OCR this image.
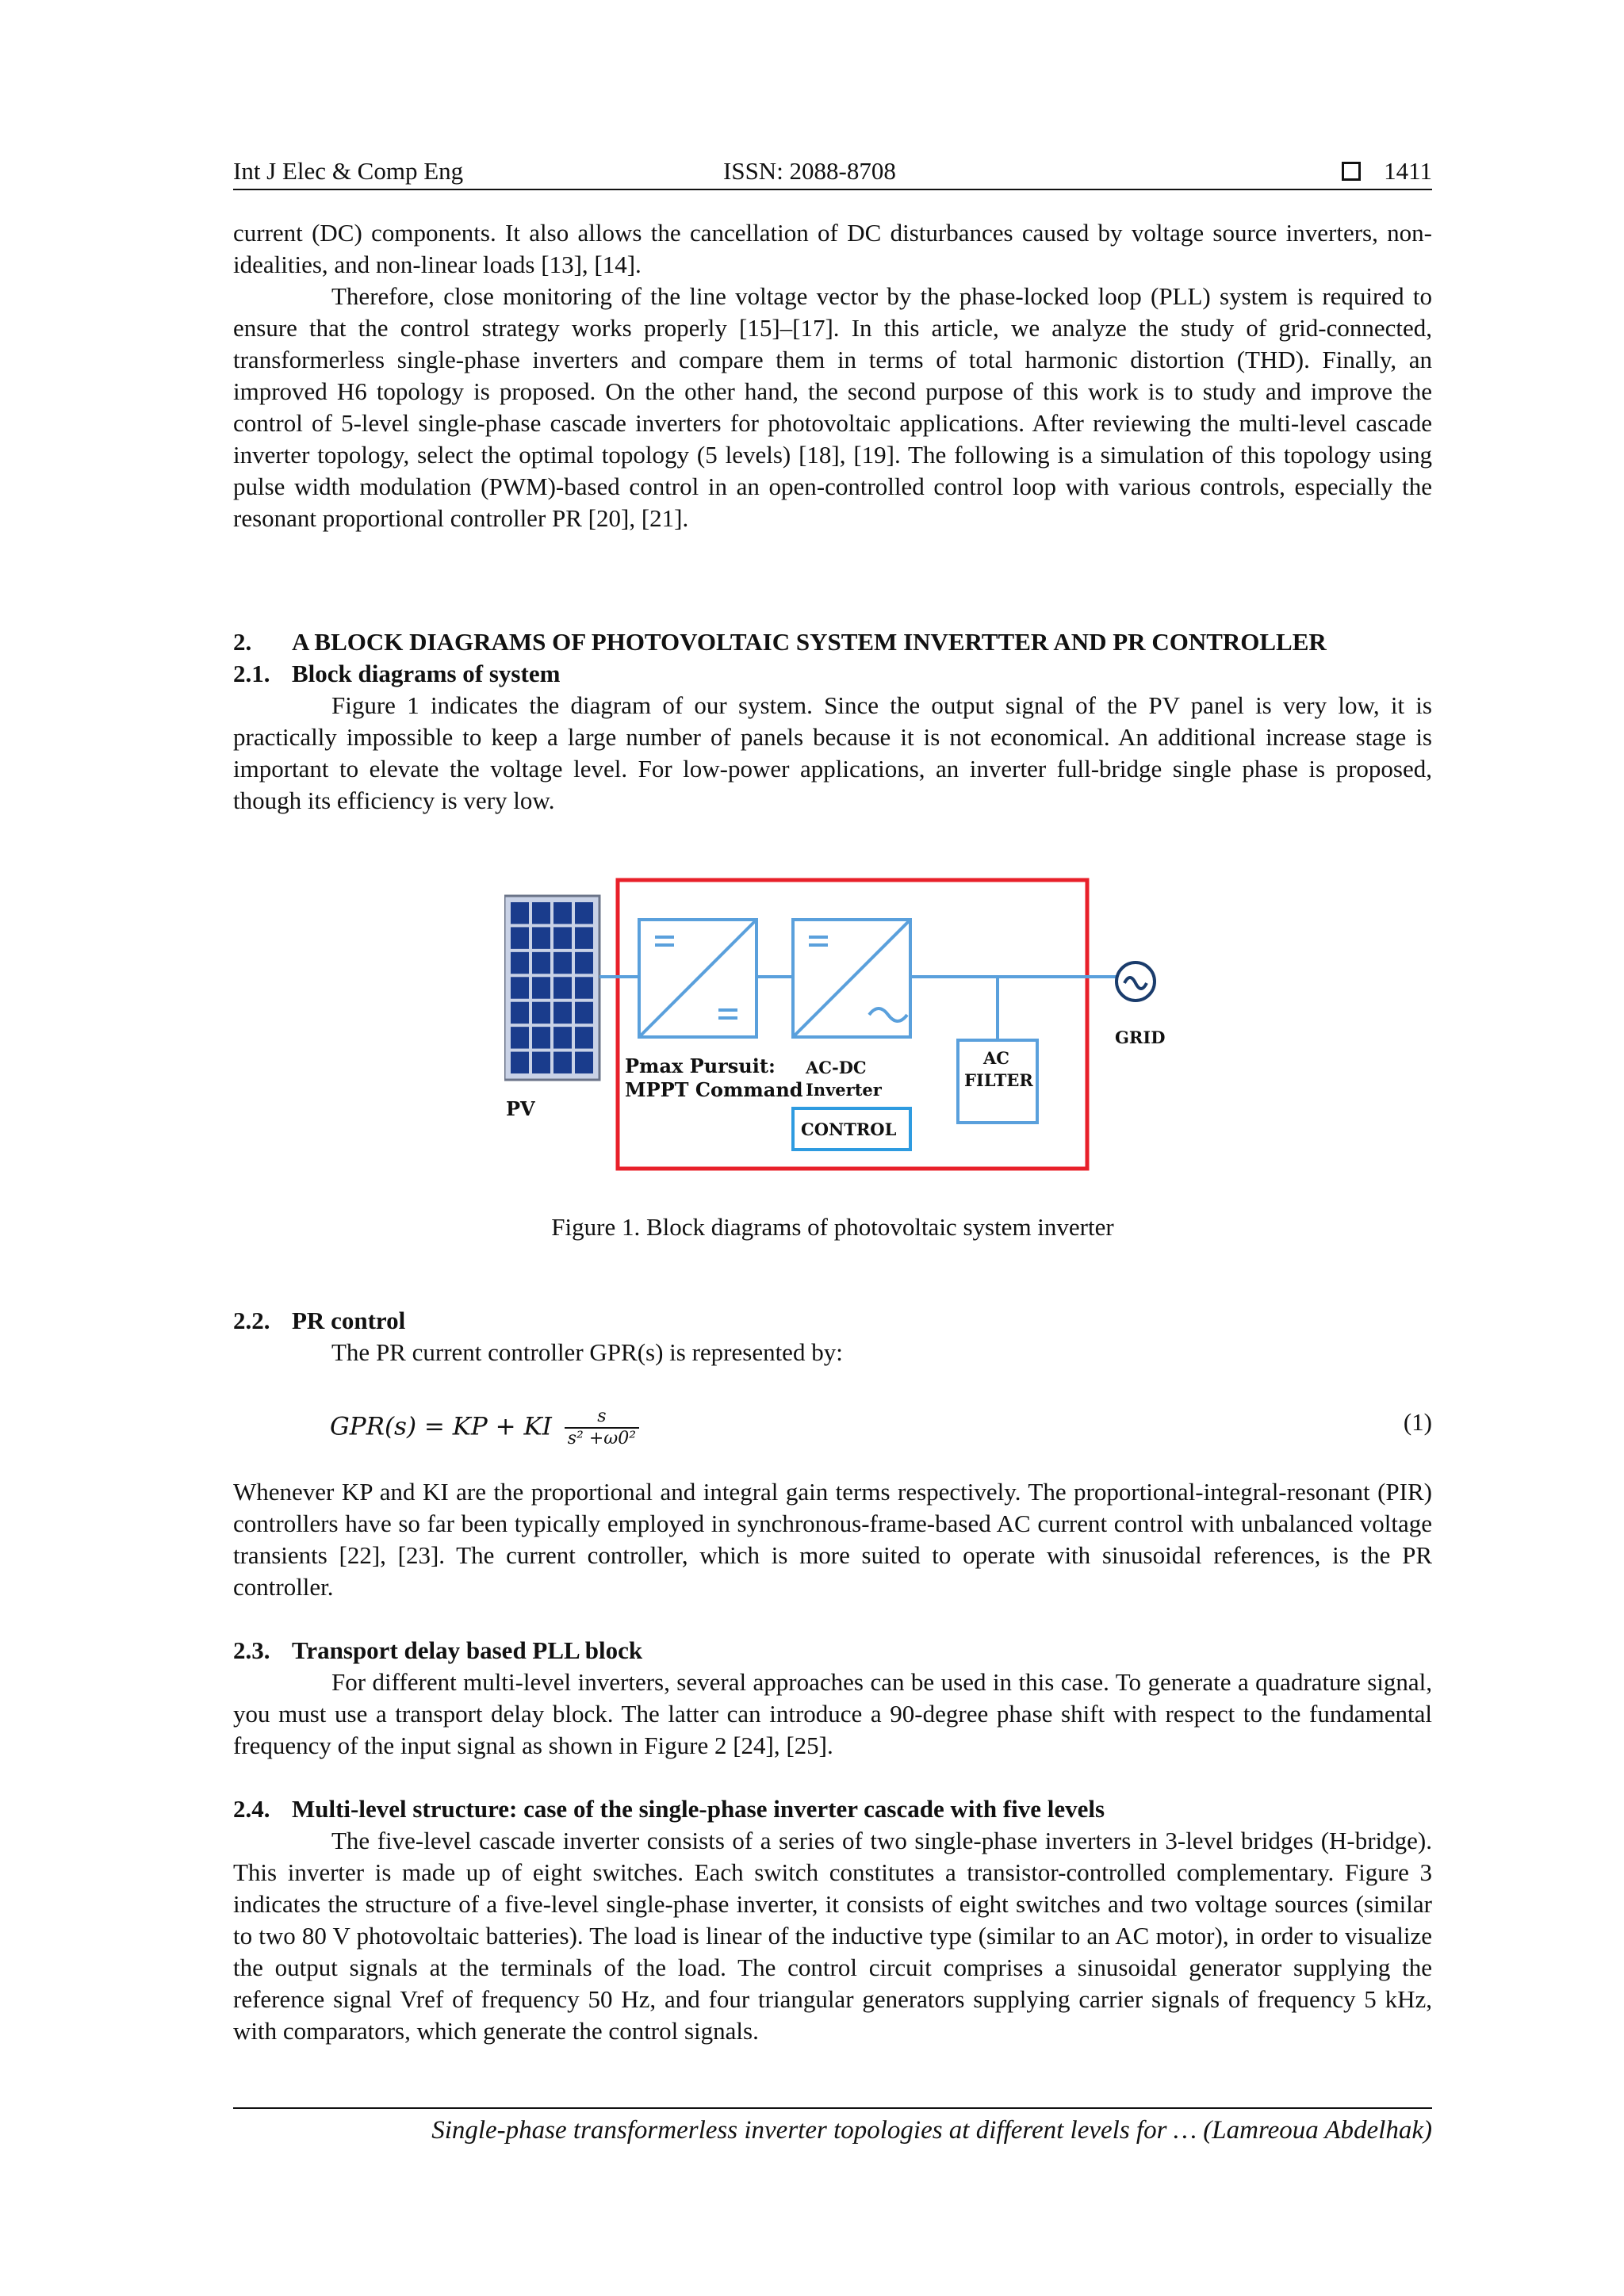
Int J Elec & Comp Eng	ISSN: 2088-8708	1411

current (DC) components. It also allows the cancellation of DC disturbances caused by voltage source inverters, non-idealities, and non-linear loads [13], [14].

Therefore, close monitoring of the line voltage vector by the phase-locked loop (PLL) system is required to ensure that the control strategy works properly [15]–[17]. In this article, we analyze the study of grid-connected, transformerless single-phase inverters and compare them in terms of total harmonic distortion (THD). Finally, an improved H6 topology is proposed. On the other hand, the second purpose of this work is to study and improve the control of 5-level single-phase cascade inverters for photovoltaic applications. After reviewing the multi-level cascade inverter topology, select the optimal topology (5 levels) [18], [19]. The following is a simulation of this topology using pulse width modulation (PWM)-based control in an open-controlled control loop with various controls, especially the resonant proportional controller PR [20], [21].

2. A BLOCK DIAGRAMS OF PHOTOVOLTAIC SYSTEM INVERTTER AND PR CONTROLLER
2.1. Block diagrams of system

Figure 1 indicates the diagram of our system. Since the output signal of the PV panel is very low, it is practically impossible to keep a large number of panels because it is not economical. An additional increase stage is important to elevate the voltage level. For low-power applications, an inverter full-bridge single phase is proposed, though its efficiency is very low.

PV
Pmax Pursuit:
MPPT Command
AC-DC
Inverter
CONTROL
AC
FILTER
GRID
Figure 1. Block diagrams of photovoltaic system inverter
2.2. PR control

The PR current controller GPR(s) is represented by:

GPR(s) = KP + KI $\frac{s}{\text{s² +ω0²}}$	(1)

Whenever KP and KI are the proportional and integral gain terms respectively. The proportional-integral-resonant (PIR) controllers have so far been typically employed in synchronous-frame-based AC current control with unbalanced voltage transients [22], [23]. The current controller, which is more suited to operate with sinusoidal references, is the PR controller.

2.3. Transport delay based PLL block

For different multi-level inverters, several approaches can be used in this case. To generate a quadrature signal, you must use a transport delay block. The latter can introduce a 90-degree phase shift with respect to the fundamental frequency of the input signal as shown in Figure 2 [24], [25].

2.4. Multi-level structure: case of the single-phase inverter cascade with five levels

The five-level cascade inverter consists of a series of two single-phase inverters in 3-level bridges (H-bridge). This inverter is made up of eight switches. Each switch constitutes a transistor-controlled complementary. Figure 3 indicates the structure of a five-level single-phase inverter, it consists of eight switches and two voltage sources (similar to two 80 V photovoltaic batteries). The load is linear of the inductive type (similar to an AC motor), in order to visualize the output signals at the terminals of the load. The control circuit comprises a sinusoidal generator supplying the reference signal Vref of frequency 50 Hz, and four triangular generators supplying carrier signals of frequency 5 kHz, with comparators, which generate the control signals.

Single-phase transformerless inverter topologies at different levels for … (Lamreoua Abdelhak)
